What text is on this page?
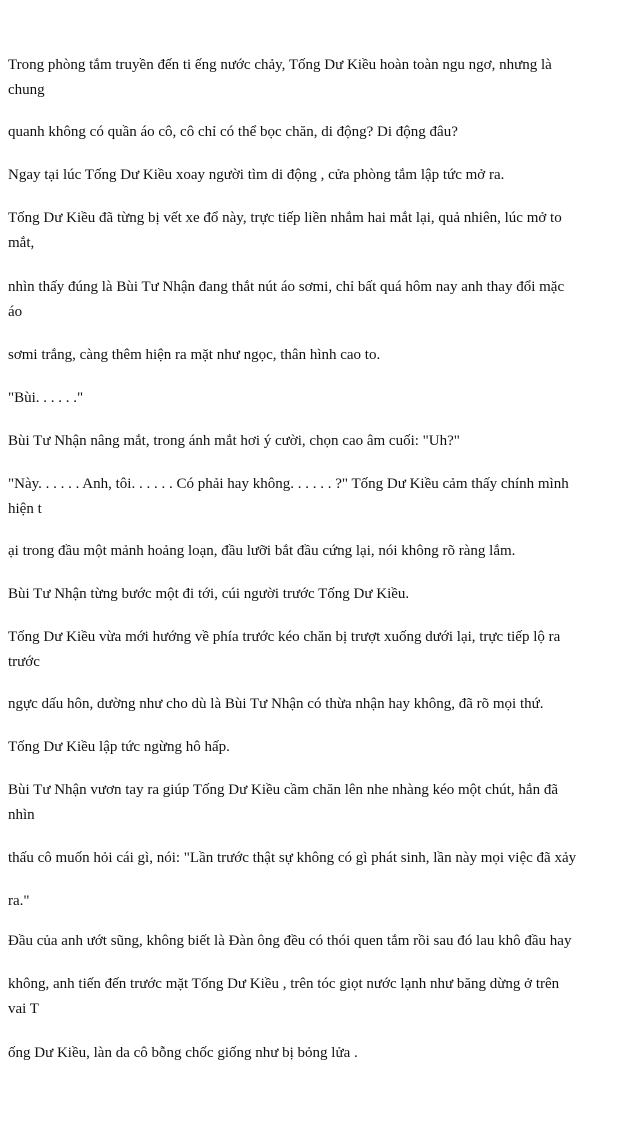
Trong phòng tắm truyền đến ti ếng nước chảy, Tống Dư Kiều hoàn toàn ngu ngơ, nhưng là
chung

quanh không có quần áo cô, cô chỉ có thể bọc chăn, di động? Di động đâu?

Ngay tại lúc Tống Dư Kiều xoay người tìm di động , cửa phòng tắm lập tức mở ra.

Tống Dư Kiều đã từng bị vết xe đổ này, trực tiếp liền nhắm hai mắt lại, quả nhiên, lúc mở to
mắt,

nhìn thấy đúng là Bùi Tư Nhận đang thắt nút áo sơmi, chỉ bất quá hôm nay anh thay đổi mặc
áo

sơmi trắng, càng thêm hiện ra mặt như ngọc, thân hình cao to.

"Bùi. . . . . ."

Bùi Tư Nhận nâng mắt, trong ánh mắt hơi ý cười, chọn cao âm cuối: "Uh?"

"Này. . . . . . Anh, tôi. . . . . . Có phải hay không. . . . . . ?" Tống Dư Kiều cảm thấy chính mình
hiện t

ại trong đầu một mảnh hoảng loạn, đầu lưỡi bắt đầu cứng lại, nói không rõ ràng lắm.

Bùi Tư Nhận từng bước một đi tới, cúi người trước Tống Dư Kiều.

Tống Dư Kiều vừa mới hướng về phía trước kéo chăn bị trượt xuống dưới lại, trực tiếp lộ ra
trước

ngực dấu hôn, dường như cho dù là Bùi Tư Nhận có thừa nhận hay không, đã rõ mọi thứ.

Tống Dư Kiều lập tức ngừng hô hấp.

Bùi Tư Nhận vươn tay ra giúp Tống Dư Kiều cầm chăn lên nhe nhàng kéo một chút, hắn đã
nhìn

thấu cô muốn hỏi cái gì, nói: "Lần trước thật sự không có gì phát sinh, lần này mọi việc đã xảy

ra."

Đầu của anh ướt sũng, không biết là Đàn ông đều có thói quen tắm rồi sau đó lau khô đầu hay

không, anh tiến đến trước mặt Tống Dư Kiều , trên tóc giọt nước lạnh như băng dừng ở trên
vai T

ống Dư Kiều, làn da cô bỗng chốc giống như bị bỏng lửa .
